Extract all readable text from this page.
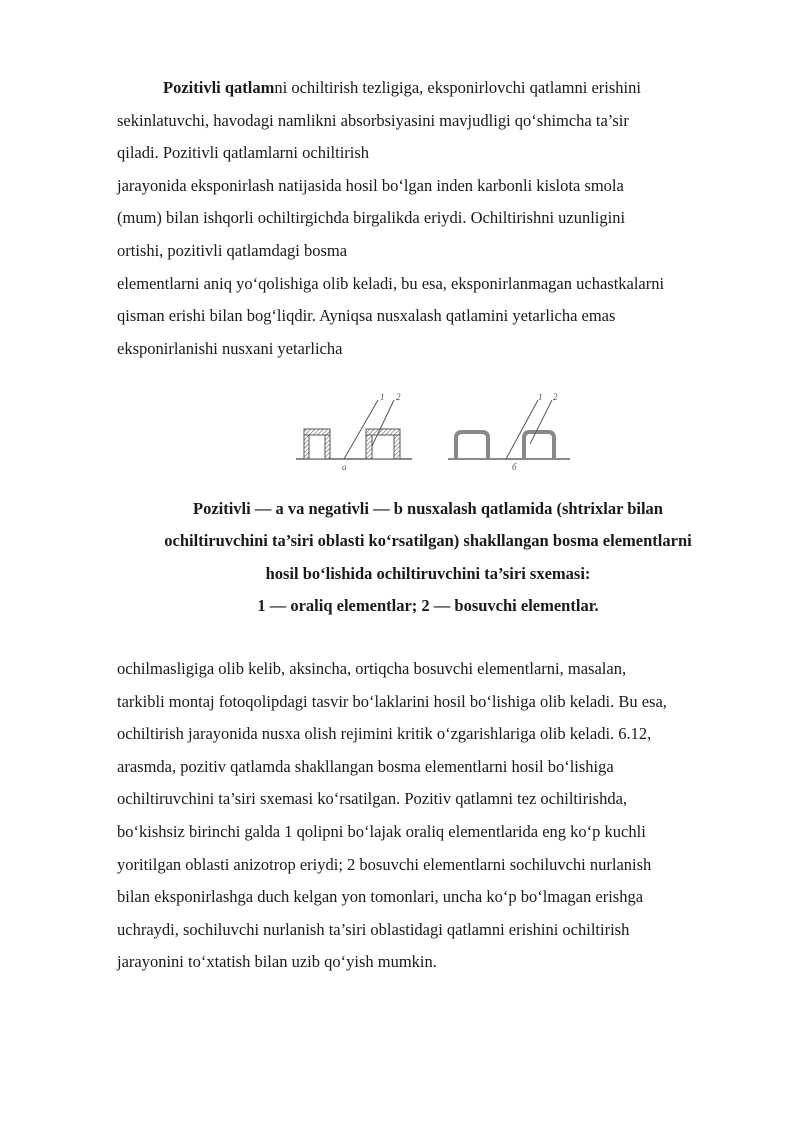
Pozitivli qatlamni ochiltirish tezligiga, eksponirlovchi qatlamni erishini
sekinlatuvchi, havodagi namlikni absorbsiyasini mavjudligi qo‘shimcha ta’sir
qiladi. Pozitivli qatlamlarni ochiltirish
jarayonida eksponirlash natijasida hosil bo‘lgan inden karbonli kislota smola
(mum) bilan ishqorli ochiltirgichda birgalikda eriydi. Ochiltirishni uzunligini
ortishi, pozitivli qatlamdagi bosma
elementlarni aniq yo‘qolishiga olib keladi, bu esa, eksponirlanmagan uchastkalarni
qisman erishi bilan bog‘liqdir. Ayniqsa nusxalash qatlamini yetarlicha emas
eksponirlanishi nusxani yetarlicha

1 2
a
1 2
б

Pozitivli — a va negativli — b nusxalash qatlamida (shtrixlar bilan
ochiltiruvchini ta’siri oblasti ko‘rsatilgan) shakllangan bosma elementlarni
hosil bo‘lishida ochiltiruvchini ta’siri sxemasi:
1 — oraliq elementlar; 2 — bosuvchi elementlar.

ochilmasligiga olib kelib, aksincha, ortiqcha bosuvchi elementlarni, masalan,
tarkibli montaj fotoqolipdagi tasvir bo‘laklarini hosil bo‘lishiga olib keladi. Bu esa,
ochiltirish jarayonida nusxa olish rejimini kritik o‘zgarishlariga olib keladi. 6.12,
arasmda, pozitiv qatlamda shakllangan bosma elementlarni hosil bo‘lishiga
ochiltiruvchini ta’siri sxemasi ko‘rsatilgan. Pozitiv qatlamni tez ochiltirishda,
bo‘kishsiz birinchi galda 1 qolipni bo‘lajak oraliq elementlarida eng ko‘p kuchli
yoritilgan oblasti anizotrop eriydi; 2 bosuvchi elementlarni sochiluvchi nurlanish
bilan eksponirlashga duch kelgan yon tomonlari, uncha ko‘p bo‘lmagan erishga
uchraydi, sochiluvchi nurlanish ta’siri oblastidagi qatlamni erishini ochiltirish
jarayonini to‘xtatish bilan uzib qo‘yish mumkin.
